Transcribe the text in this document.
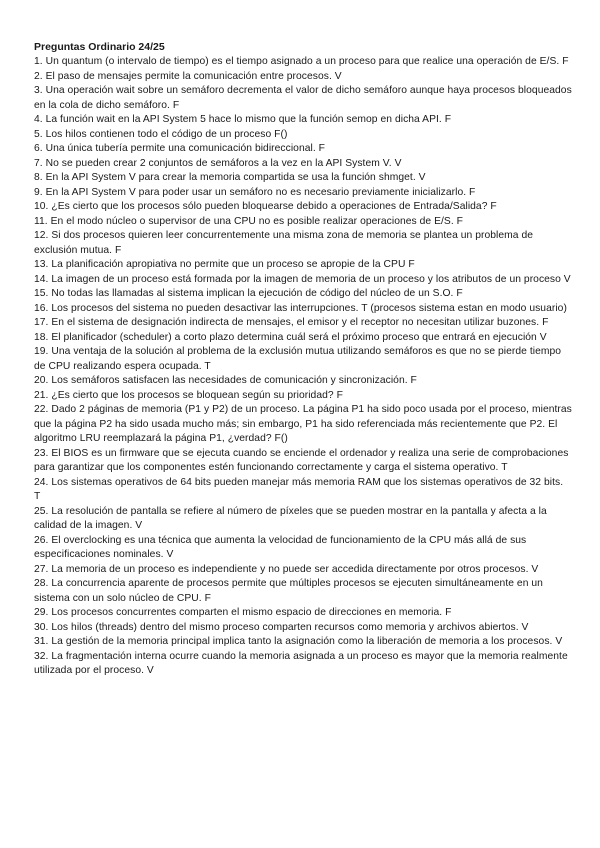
Preguntas Ordinario 24/25

1. Un quantum (o intervalo de tiempo) es el tiempo asignado a un proceso para que realice una operación de E/S. F

2. El paso de mensajes permite la comunicación entre procesos. V

3. Una operación wait sobre un semáforo decrementa el valor de dicho semáforo aunque haya procesos bloqueados en la cola de dicho semáforo. F

4. La función wait en la API System 5 hace lo mismo que la función semop en dicha API. F

5. Los hilos contienen todo el código de un proceso F()

6. Una única tubería permite una comunicación bidireccional. F

7. No se pueden crear 2 conjuntos de semáforos a la vez en la API System V. V

8. En la API System V para crear la memoria compartida se usa la función shmget. V

9. En la API System V para poder usar un semáforo no es necesario previamente inicializarlo. F

10. ¿Es cierto que los procesos sólo pueden bloquearse debido a operaciones de Entrada/Salida? F

11. En el modo núcleo o supervisor de una CPU no es posible realizar operaciones de E/S. F

12. Si dos procesos quieren leer concurrentemente una misma zona de memoria se plantea un problema de exclusión mutua. F

13. La planificación apropiativa no permite que un proceso se apropie de la CPU F

14. La imagen de un proceso está formada por la imagen de memoria de un proceso y los atributos de un proceso V

15. No todas las llamadas al sistema implican la ejecución de código del núcleo de un S.O. F

16. Los procesos del sistema no pueden desactivar las interrupciones. T (procesos sistema estan en modo usuario)

17. En el sistema de designación indirecta de mensajes, el emisor y el receptor no necesitan utilizar buzones. F

18. El planificador (scheduler) a corto plazo determina cuál será el próximo proceso que entrará en ejecución V

19. Una ventaja de la solución al problema de la exclusión mutua utilizando semáforos es que no se pierde tiempo de CPU realizando espera ocupada. T

20. Los semáforos satisfacen las necesidades de comunicación y sincronización. F

21. ¿Es cierto que los procesos se bloquean según su prioridad? F

22. Dado 2 páginas de memoria (P1 y P2) de un proceso. La página P1 ha sido poco usada por el proceso, mientras que la página P2 ha sido usada mucho más; sin embargo, P1 ha sido referenciada más recientemente que P2. El algoritmo LRU reemplazará la página P1, ¿verdad? F()

23. El BIOS es un firmware que se ejecuta cuando se enciende el ordenador y realiza una serie de comprobaciones para garantizar que los componentes estén funcionando correctamente y carga el sistema operativo. T

24. Los sistemas operativos de 64 bits pueden manejar más memoria RAM que los sistemas operativos de 32 bits. T

25. La resolución de pantalla se refiere al número de píxeles que se pueden mostrar en la pantalla y afecta a la calidad de la imagen. V

26. El overclocking es una técnica que aumenta la velocidad de funcionamiento de la CPU más allá de sus especificaciones nominales. V

27. La memoria de un proceso es independiente y no puede ser accedida directamente por otros procesos. V

28. La concurrencia aparente de procesos permite que múltiples procesos se ejecuten simultáneamente en un sistema con un solo núcleo de CPU. F

29. Los procesos concurrentes comparten el mismo espacio de direcciones en memoria. F

30. Los hilos (threads) dentro del mismo proceso comparten recursos como memoria y archivos abiertos. V

31. La gestión de la memoria principal implica tanto la asignación como la liberación de memoria a los procesos. V

32. La fragmentación interna ocurre cuando la memoria asignada a un proceso es mayor que la memoria realmente utilizada por el proceso. V
